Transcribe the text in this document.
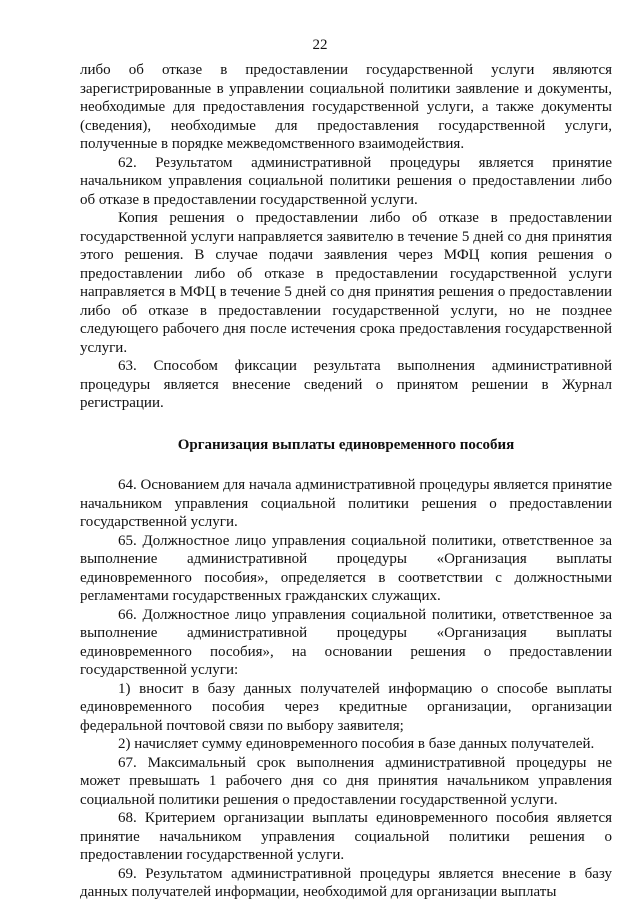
22

либо об отказе в предоставлении государственной услуги являются зарегистрированные в управлении социальной политики заявление и документы, необходимые для предоставления государственной услуги, а также документы (сведения), необходимые для предоставления государственной услуги, полученные в порядке межведомственного взаимодействия.

62. Результатом административной процедуры является принятие начальником управления социальной политики решения о предоставлении либо об отказе в предоставлении государственной услуги.

Копия решения о предоставлении либо об отказе в предоставлении государственной услуги направляется заявителю в течение 5 дней со дня принятия этого решения. В случае подачи заявления через МФЦ копия решения о предоставлении либо об отказе в предоставлении государственной услуги направляется в МФЦ в течение 5 дней со дня принятия решения о предоставлении либо об отказе в предоставлении государственной услуги, но не позднее следующего рабочего дня после истечения срока предоставления государственной услуги.

63. Способом фиксации результата выполнения административной процедуры является внесение сведений о принятом решении в Журнал регистрации.

Организация выплаты единовременного пособия

64. Основанием для начала административной процедуры является принятие начальником управления социальной политики решения о предоставлении государственной услуги.

65. Должностное лицо управления социальной политики, ответственное за выполнение административной процедуры «Организация выплаты единовременного пособия», определяется в соответствии с должностными регламентами государственных гражданских служащих.

66. Должностное лицо управления социальной политики, ответственное за выполнение административной процедуры «Организация выплаты единовременного пособия», на основании решения о предоставлении государственной услуги:

1) вносит в базу данных получателей информацию о способе выплаты единовременного пособия через кредитные организации, организации федеральной почтовой связи по выбору заявителя;

2) начисляет сумму единовременного пособия в базе данных получателей.

67. Максимальный срок выполнения административной процедуры не может превышать 1 рабочего дня со дня принятия начальником управления социальной политики решения о предоставлении государственной услуги.

68. Критерием организации выплаты единовременного пособия является принятие начальником управления социальной политики решения о предоставлении государственной услуги.

69. Результатом административной процедуры является внесение в базу данных получателей информации, необходимой для организации выплаты
